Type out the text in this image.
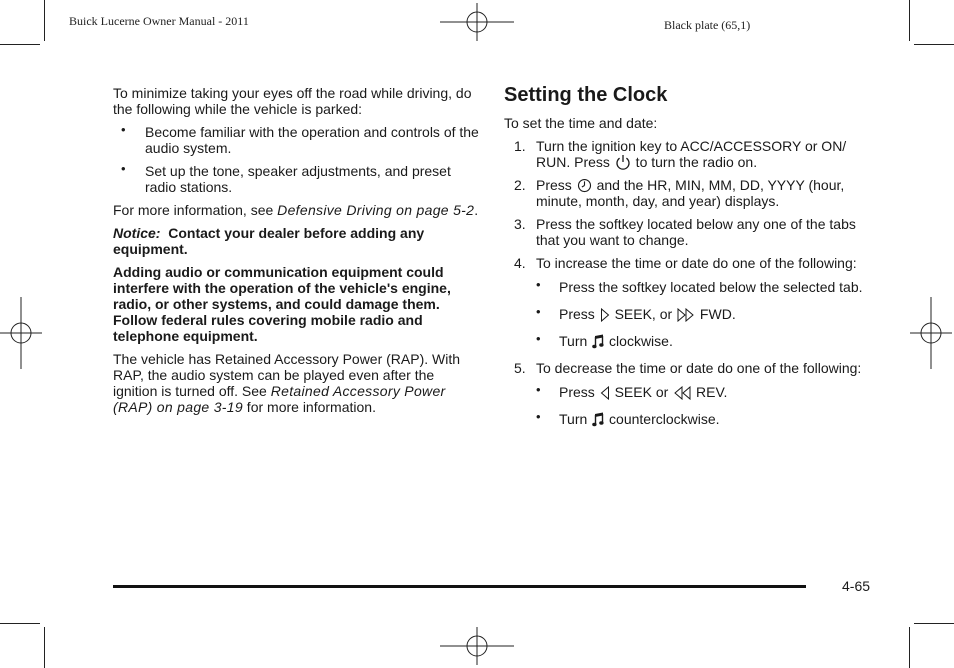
Buick Lucerne Owner Manual - 2011	Black plate (65,1)

To minimize taking your eyes off the road while driving, do the following while the vehicle is parked:

• Become familiar with the operation and controls of the audio system.
• Set up the tone, speaker adjustments, and preset radio stations.

For more information, see Defensive Driving on page 5-2.

Notice: Contact your dealer before adding any equipment.

Adding audio or communication equipment could interfere with the operation of the vehicle's engine, radio, or other systems, and could damage them. Follow federal rules covering mobile radio and telephone equipment.

The vehicle has Retained Accessory Power (RAP). With RAP, the audio system can be played even after the ignition is turned off. See Retained Accessory Power (RAP) on page 3-19 for more information.

Setting the Clock

To set the time and date:

1. Turn the ignition key to ACC/ACCESSORY or ON/ RUN. Press  to turn the radio on.
2. Press  and the HR, MIN, MM, DD, YYYY (hour, minute, month, day, and year) displays.
3. Press the softkey located below any one of the tabs that you want to change.
4. To increase the time or date do one of the following:
• Press the softkey located below the selected tab.
• Press  SEEK, or  FWD.
• Turn  clockwise.
5. To decrease the time or date do one of the following:
• Press  SEEK or  REV.
• Turn  counterclockwise.
4-65
